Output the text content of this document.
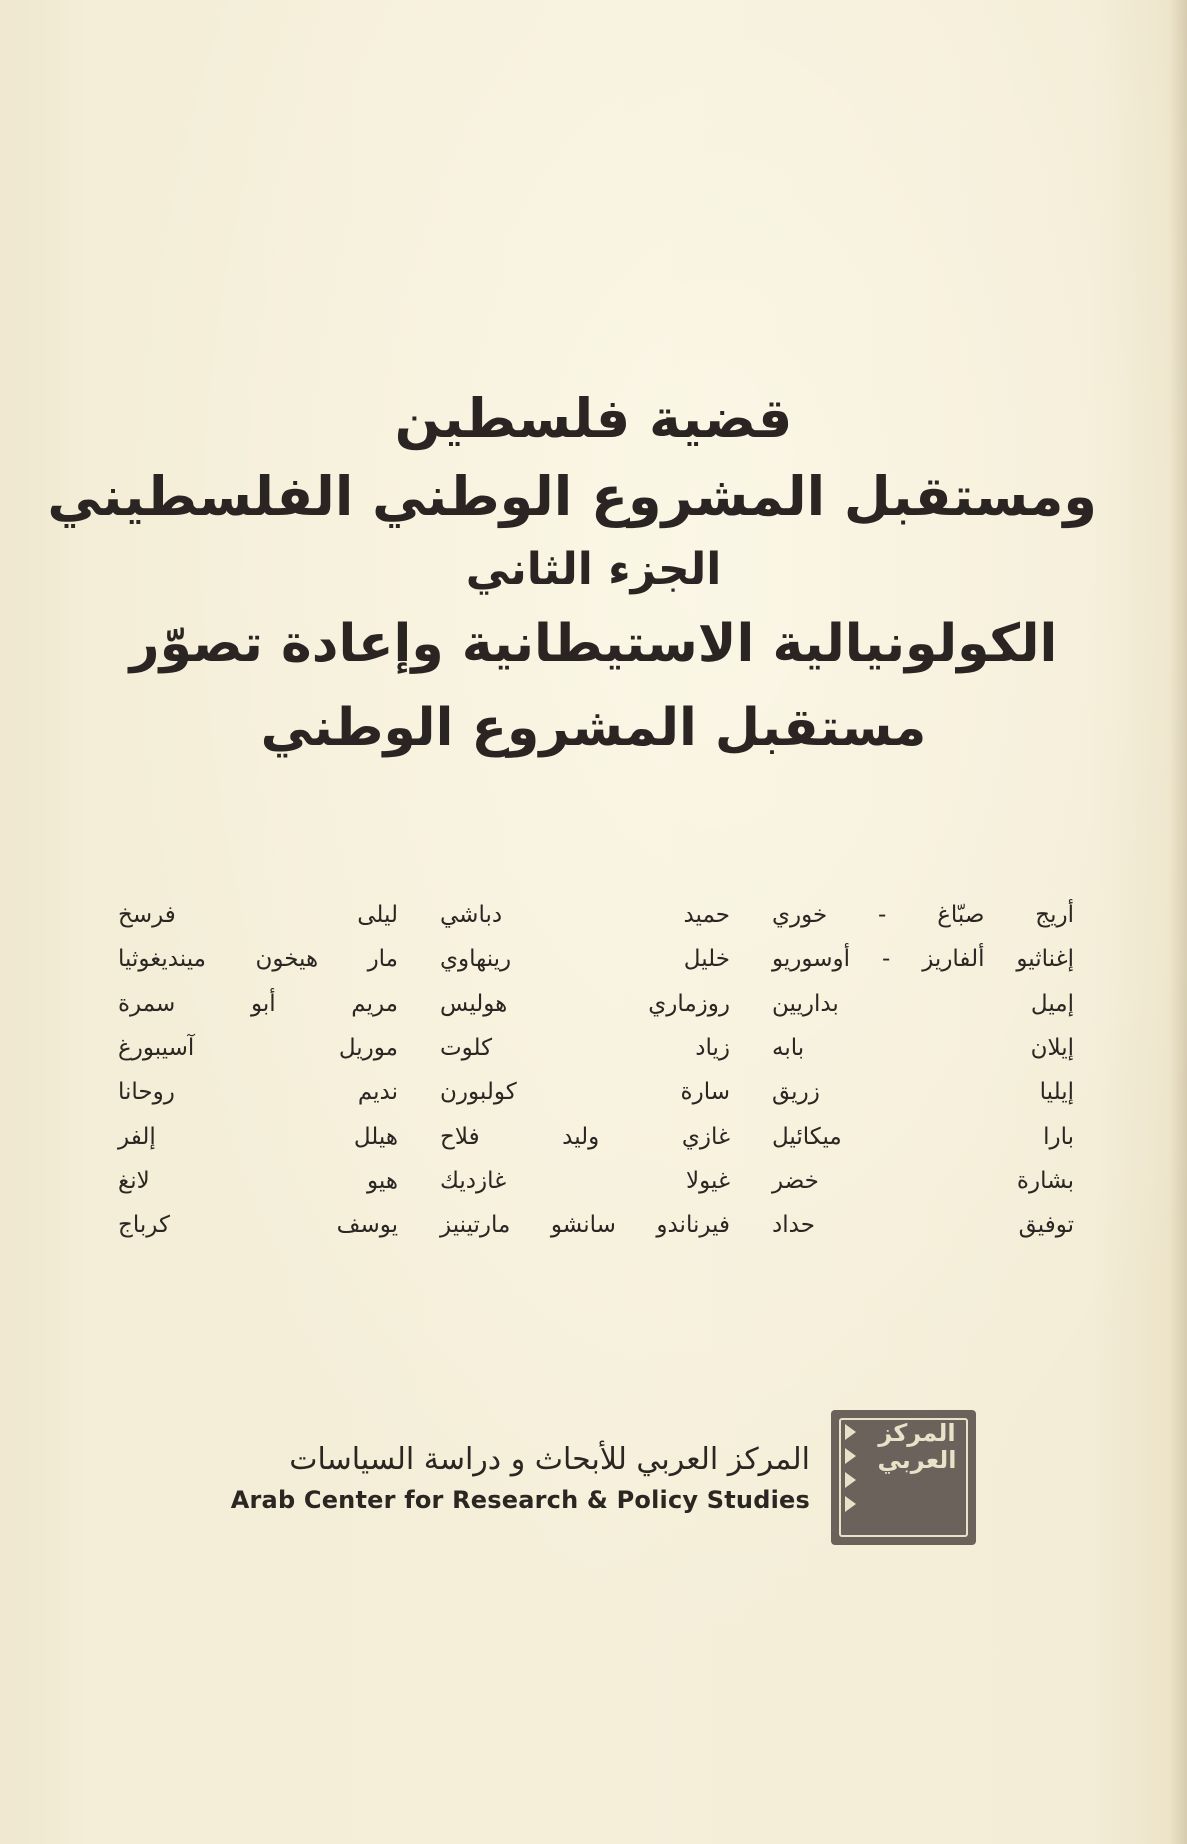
قضية فلسطين
ومستقبل المشروع الوطني الفلسطيني
الجزء الثاني
الكولونيالية الاستيطانية وإعادة تصوّر
مستقبل المشروع الوطني
أريج صبّاغ - خوري
حميد دباشي
ليلى فرسخ
إغناثيو ألفاريز - أوسوريو
خليل رينهاوي
مار هيخون مينديغوثيا
إميل بداريين
روزماري هوليس
مريم أبو سمرة
إيلان بابه
زياد كلوت
موريل آسيبورغ
إيليا زريق
سارة كولبورن
نديم روحانا
بارا ميكائيل
غازي وليد فلاح
هيلل إلفر
بشارة خضر
غيولا غازديك
هيو لانغ
توفيق حداد
فيرناندو سانشو مارتينيز
يوسف كرباج
المركز العربي للأبحاث و دراسة السياسات
Arab Center for Research & Policy Studies
المركز
العربي
